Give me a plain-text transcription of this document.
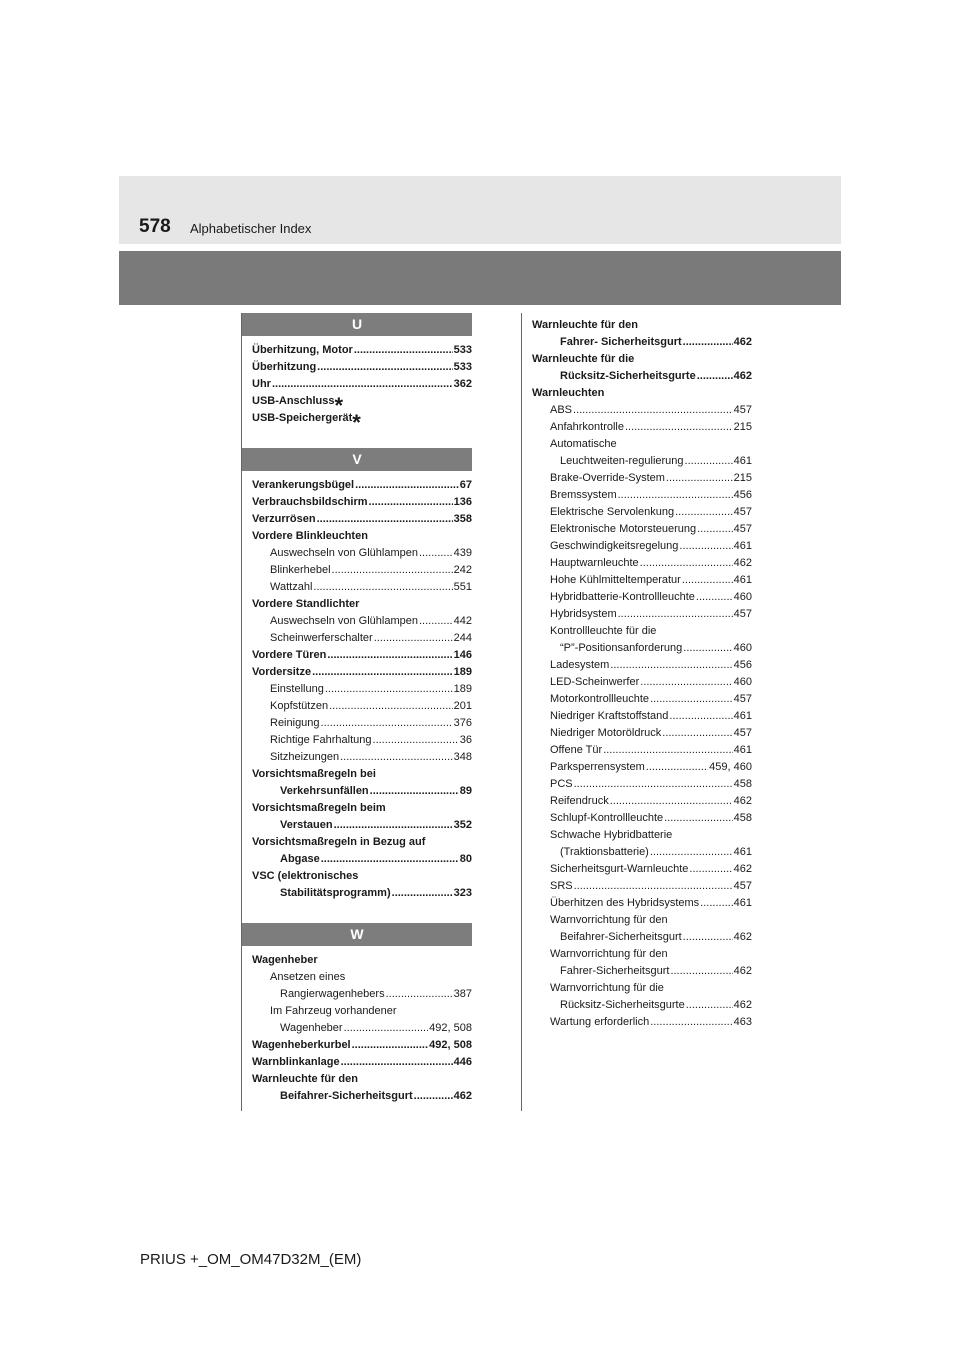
578 Alphabetischer Index
U
Überhitzung, Motor .....	533
Überhitzung .....	533
Uhr .....	362
USB-Anschluss *
USB-Speichergerät *
V
Verankerungsbügel .....	67
Verbrauchsbildschirm .....	136
Verzurrösen .....	358
Vordere Blinkleuchten
Auswechseln von Glühlampen .....	439
Blinkerhebel .....	242
Wattzahl .....	551
Vordere Standlichter
Auswechseln von Glühlampen .....	442
Scheinwerferschalter .....	244
Vordere Türen .....	146
Vordersitze .....	189
Einstellung .....	189
Kopfstützen .....	201
Reinigung .....	376
Richtige Fahrhaltung .....	36
Sitzheizungen .....	348
Vorsichtsmaßregeln bei
Verkehrsunfällen .....	89
Vorsichtsmaßregeln beim
Verstauen .....	352
Vorsichtsmaßregeln in Bezug auf
Abgase .....	80
VSC (elektronisches
Stabilitätsprogramm) .....	323
W
Wagenheber
Ansetzen eines
Rangierwagenhebers .....	387
Im Fahrzeug vorhandener
Wagenheber .....	492, 508
Wagenheberkurbel .....	492, 508
Warnblinkanlage .....	446
Warnleuchte für den
Beifahrer-Sicherheitsgurt .....	462
Warnleuchte für den
Fahrer- Sicherheitsgurt .....	462
Warnleuchte für die
Rücksitz-Sicherheitsgurte .....	462
Warnleuchten
ABS .....	457
Anfahrkontrolle .....	215
Automatische
Leuchtweiten-regulierung .....	461
Brake-Override-System .....	215
Bremssystem .....	456
Elektrische Servolenkung .....	457
Elektronische Motorsteuerung .....	457
Geschwindigkeitsregelung .....	461
Hauptwarnleuchte .....	462
Hohe Kühlmitteltemperatur .....	461
Hybridbatterie-Kontrollleuchte .....	460
Hybridsystem .....	457
Kontrollleuchte für die
“P”-Positionsanforderung .....	460
Ladesystem .....	456
LED-Scheinwerfer .....	460
Motorkontrollleuchte .....	457
Niedriger Kraftstoffstand .....	461
Niedriger Motoröldruck .....	457
Offene Tür .....	461
Parksperrensystem .....	459, 460
PCS .....	458
Reifendruck .....	462
Schlupf-Kontrollleuchte .....	458
Schwache Hybridbatterie
(Traktionsbatterie) .....	461
Sicherheitsgurt-Warnleuchte .....	462
SRS .....	457
Überhitzen des Hybridsystems .....	461
Warnvorrichtung für den
Beifahrer-Sicherheitsgurt .....	462
Warnvorrichtung für den
Fahrer-Sicherheitsgurt .....	462
Warnvorrichtung für die
Rücksitz-Sicherheitsgurte .....	462
Wartung erforderlich .....	463
PRIUS +_OM_OM47D32M_(EM)
